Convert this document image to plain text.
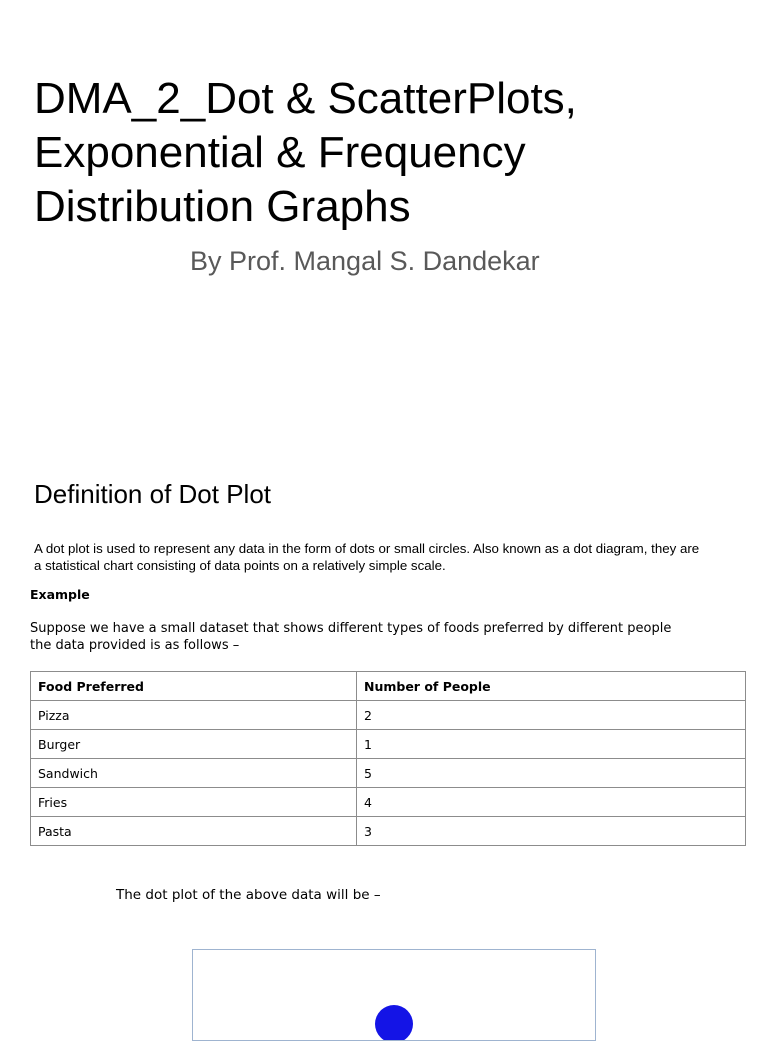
DMA_2_Dot & ScatterPlots,
Exponential & Frequency
Distribution Graphs
By Prof. Mangal S. Dandekar
Definition of Dot Plot

A dot plot is used to represent any data in the form of dots or small circles. Also known as a dot diagram, they are
a statistical chart consisting of data points on a relatively simple scale.

Example

Suppose we have a small dataset that shows different types of foods preferred by different people
the data provided is as follows –

Food Preferred	Number of People
Pizza	2
Burger	1
Sandwich	5
Fries	4
Pasta	3
The dot plot of the above data will be –
